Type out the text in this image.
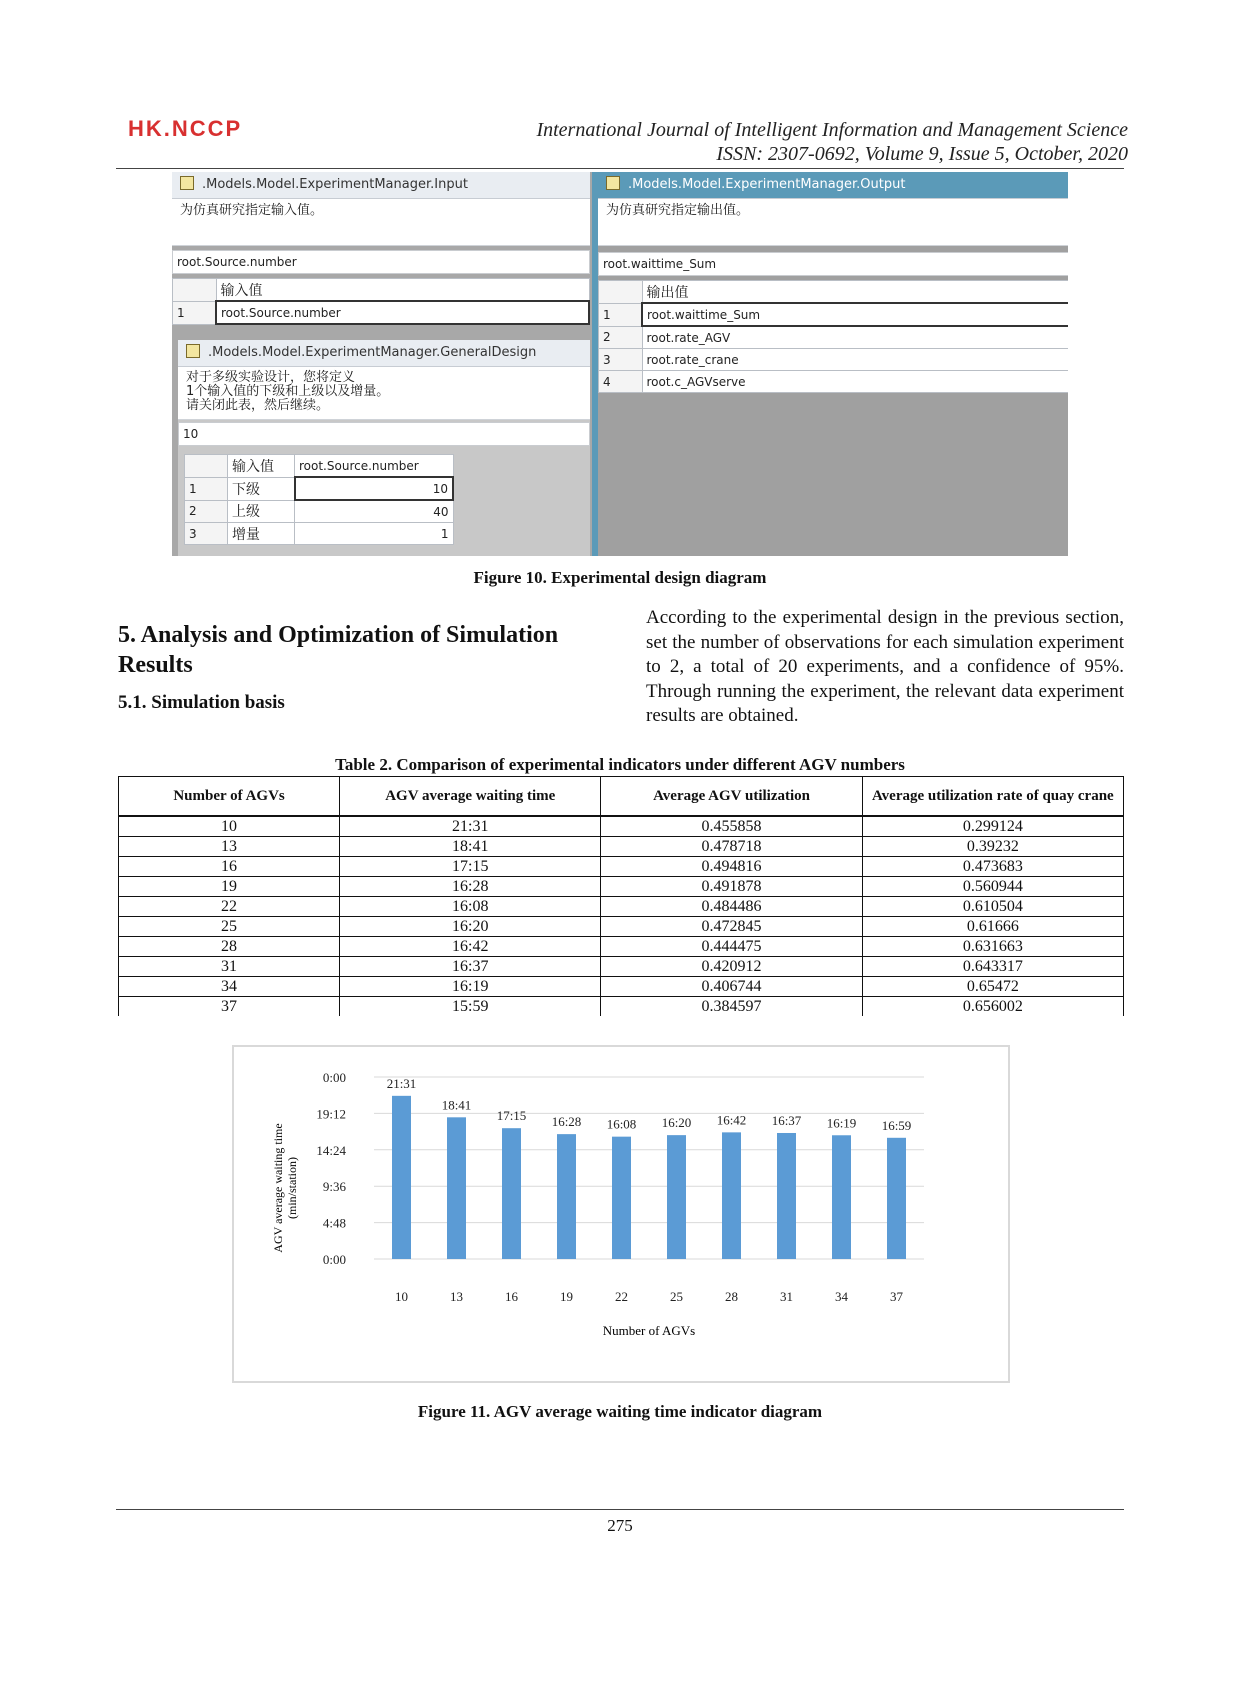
HK.NCCP	International Journal of Intelligent Information and Management Science
ISSN: 2307-0692, Volume 9, Issue 5, October, 2020
.Models.Model.ExperimentManager.Input
为仿真研究指定输入值。
root.Source.number
	输入值
1	root.Source.number
.Models.Model.ExperimentManager.GeneralDesign
对于多级实验设计，您将定义
1个输入值的下级和上级以及增量。
请关闭此表，然后继续。
10
	输入值	root.Source.number
1	下级	10
2	上级	40
3	增量	1
.Models.Model.ExperimentManager.Output
为仿真研究指定输出值。
root.waittime_Sum
	输出值
1	root.waittime_Sum
2	root.rate_AGV
3	root.rate_crane
4	root.c_AGVserve
Figure 10. Experimental design diagram
5. Analysis and Optimization of Simulation Results
5.1. Simulation basis
According to the experimental design in the previous section, set the number of observations for each simulation experiment to 2, a total of 20 experiments, and a confidence of 95%. Through running the experiment, the relevant data experiment results are obtained.
Table 2. Comparison of experimental indicators under different AGV numbers
Number of AGVs	AGV average waiting time	Average AGV utilization	Average utilization rate of quay crane
10	21:31	0.455858	0.299124
13	18:41	0.478718	0.39232
16	17:15	0.494816	0.473683
19	16:28	0.491878	0.560944
22	16:08	0.484486	0.610504
25	16:20	0.472845	0.61666
28	16:42	0.444475	0.631663
31	16:37	0.420912	0.643317
34	16:19	0.406744	0.65472
37	15:59	0.384597	0.656002
0:00
19:12
14:24
9:36
4:48
0:00
21:31
18:41
17:15 16:28 16:08 16:20 16:42 16:37 16:19 16:59
10	13	16	19	22	25	28	31	34	37
AGV average waiting time (min/station)
Number of AGVs
Figure 11. AGV average waiting time indicator diagram
275
